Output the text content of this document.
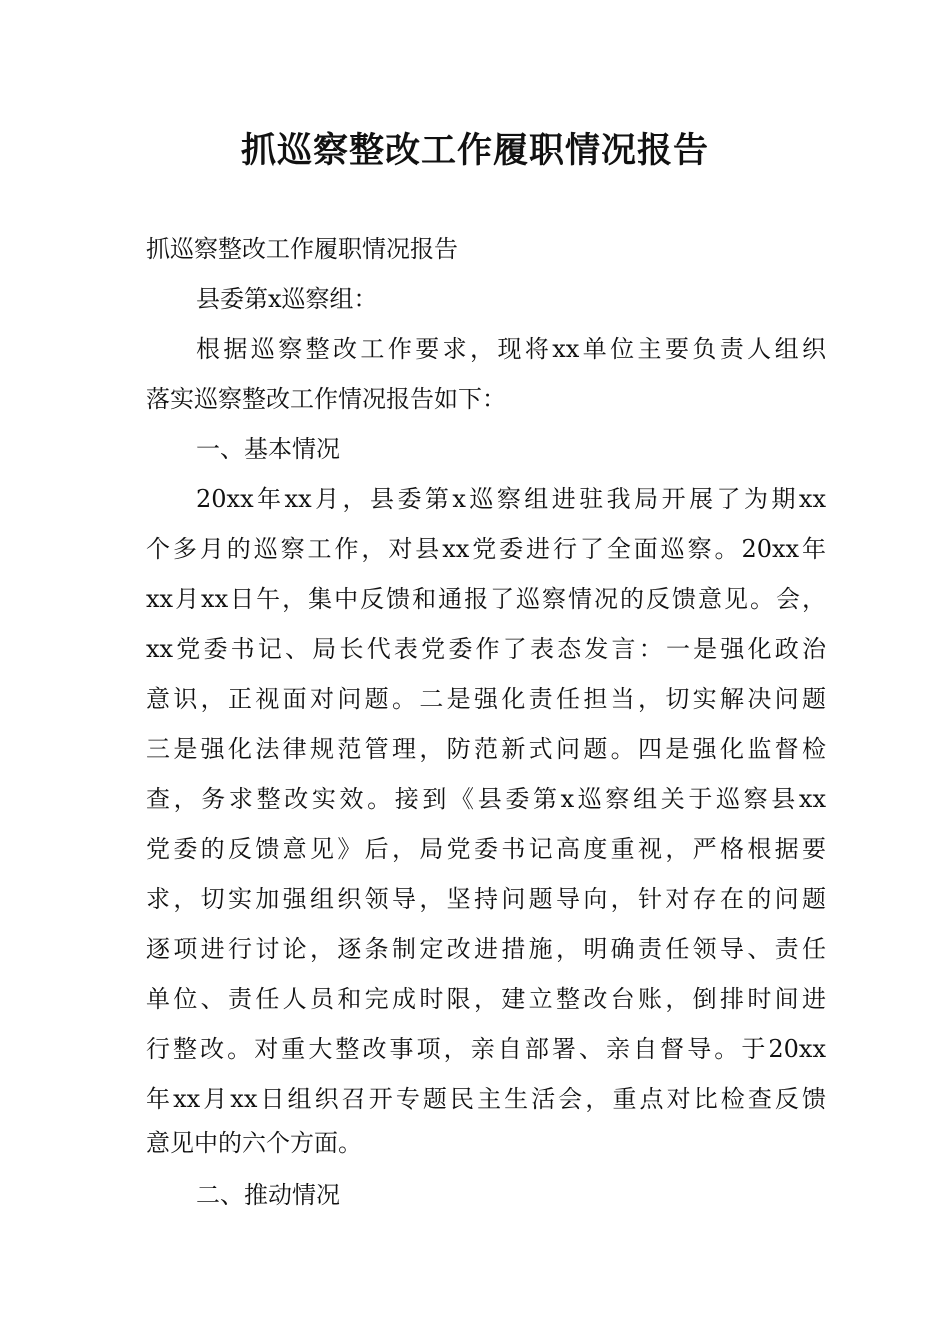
抓巡察整改工作履职情况报告

抓巡察整改工作履职情况报告

县委第x巡察组：

根据巡察整改工作要求，现将xx单位主要负责人组织

落实巡察整改工作情况报告如下：

一、基本情况

20xx年xx月，县委第x巡察组进驻我局开展了为期xx

个多月的巡察工作，对县xx党委进行了全面巡察。20xx年

xx月xx日午，集中反馈和通报了巡察情况的反馈意见。会，

xx党委书记、局长代表党委作了表态发言：一是强化政治

意识，正视面对问题。二是强化责任担当，切实解决问题

三是强化法律规范管理，防范新式问题。四是强化监督检

查，务求整改实效。接到《县委第x巡察组关于巡察县xx

党委的反馈意见》后，局党委书记高度重视，严格根据要

求，切实加强组织领导，坚持问题导向，针对存在的问题

逐项进行讨论，逐条制定改进措施，明确责任领导、责任

单位、责任人员和完成时限，建立整改台账，倒排时间进

行整改。对重大整改事项，亲自部署、亲自督导。于20xx

年xx月xx日组织召开专题民主生活会，重点对比检查反馈

意见中的六个方面。

二、推动情况
